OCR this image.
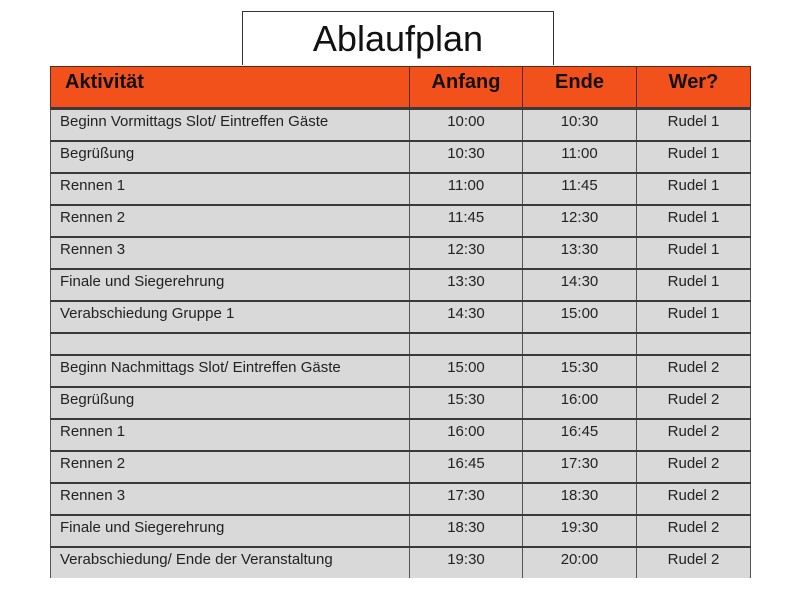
Ablaufplan
Aktivität	Anfang	Ende	Wer?
Beginn Vormittags Slot/ Eintreffen Gäste	10:00	10:30	Rudel 1
Begrüßung	10:30	11:00	Rudel 1
Rennen 1	11:00	11:45	Rudel 1
Rennen 2	11:45	12:30	Rudel 1
Rennen 3	12:30	13:30	Rudel 1
Finale und Siegerehrung	13:30	14:30	Rudel 1
Verabschiedung Gruppe 1	14:30	15:00	Rudel 1

Beginn Nachmittags Slot/ Eintreffen Gäste	15:00	15:30	Rudel 2
Begrüßung	15:30	16:00	Rudel 2
Rennen 1	16:00	16:45	Rudel 2
Rennen 2	16:45	17:30	Rudel 2
Rennen 3	17:30	18:30	Rudel 2
Finale und Siegerehrung	18:30	19:30	Rudel 2
Verabschiedung/ Ende der Veranstaltung	19:30	20:00	Rudel 2
